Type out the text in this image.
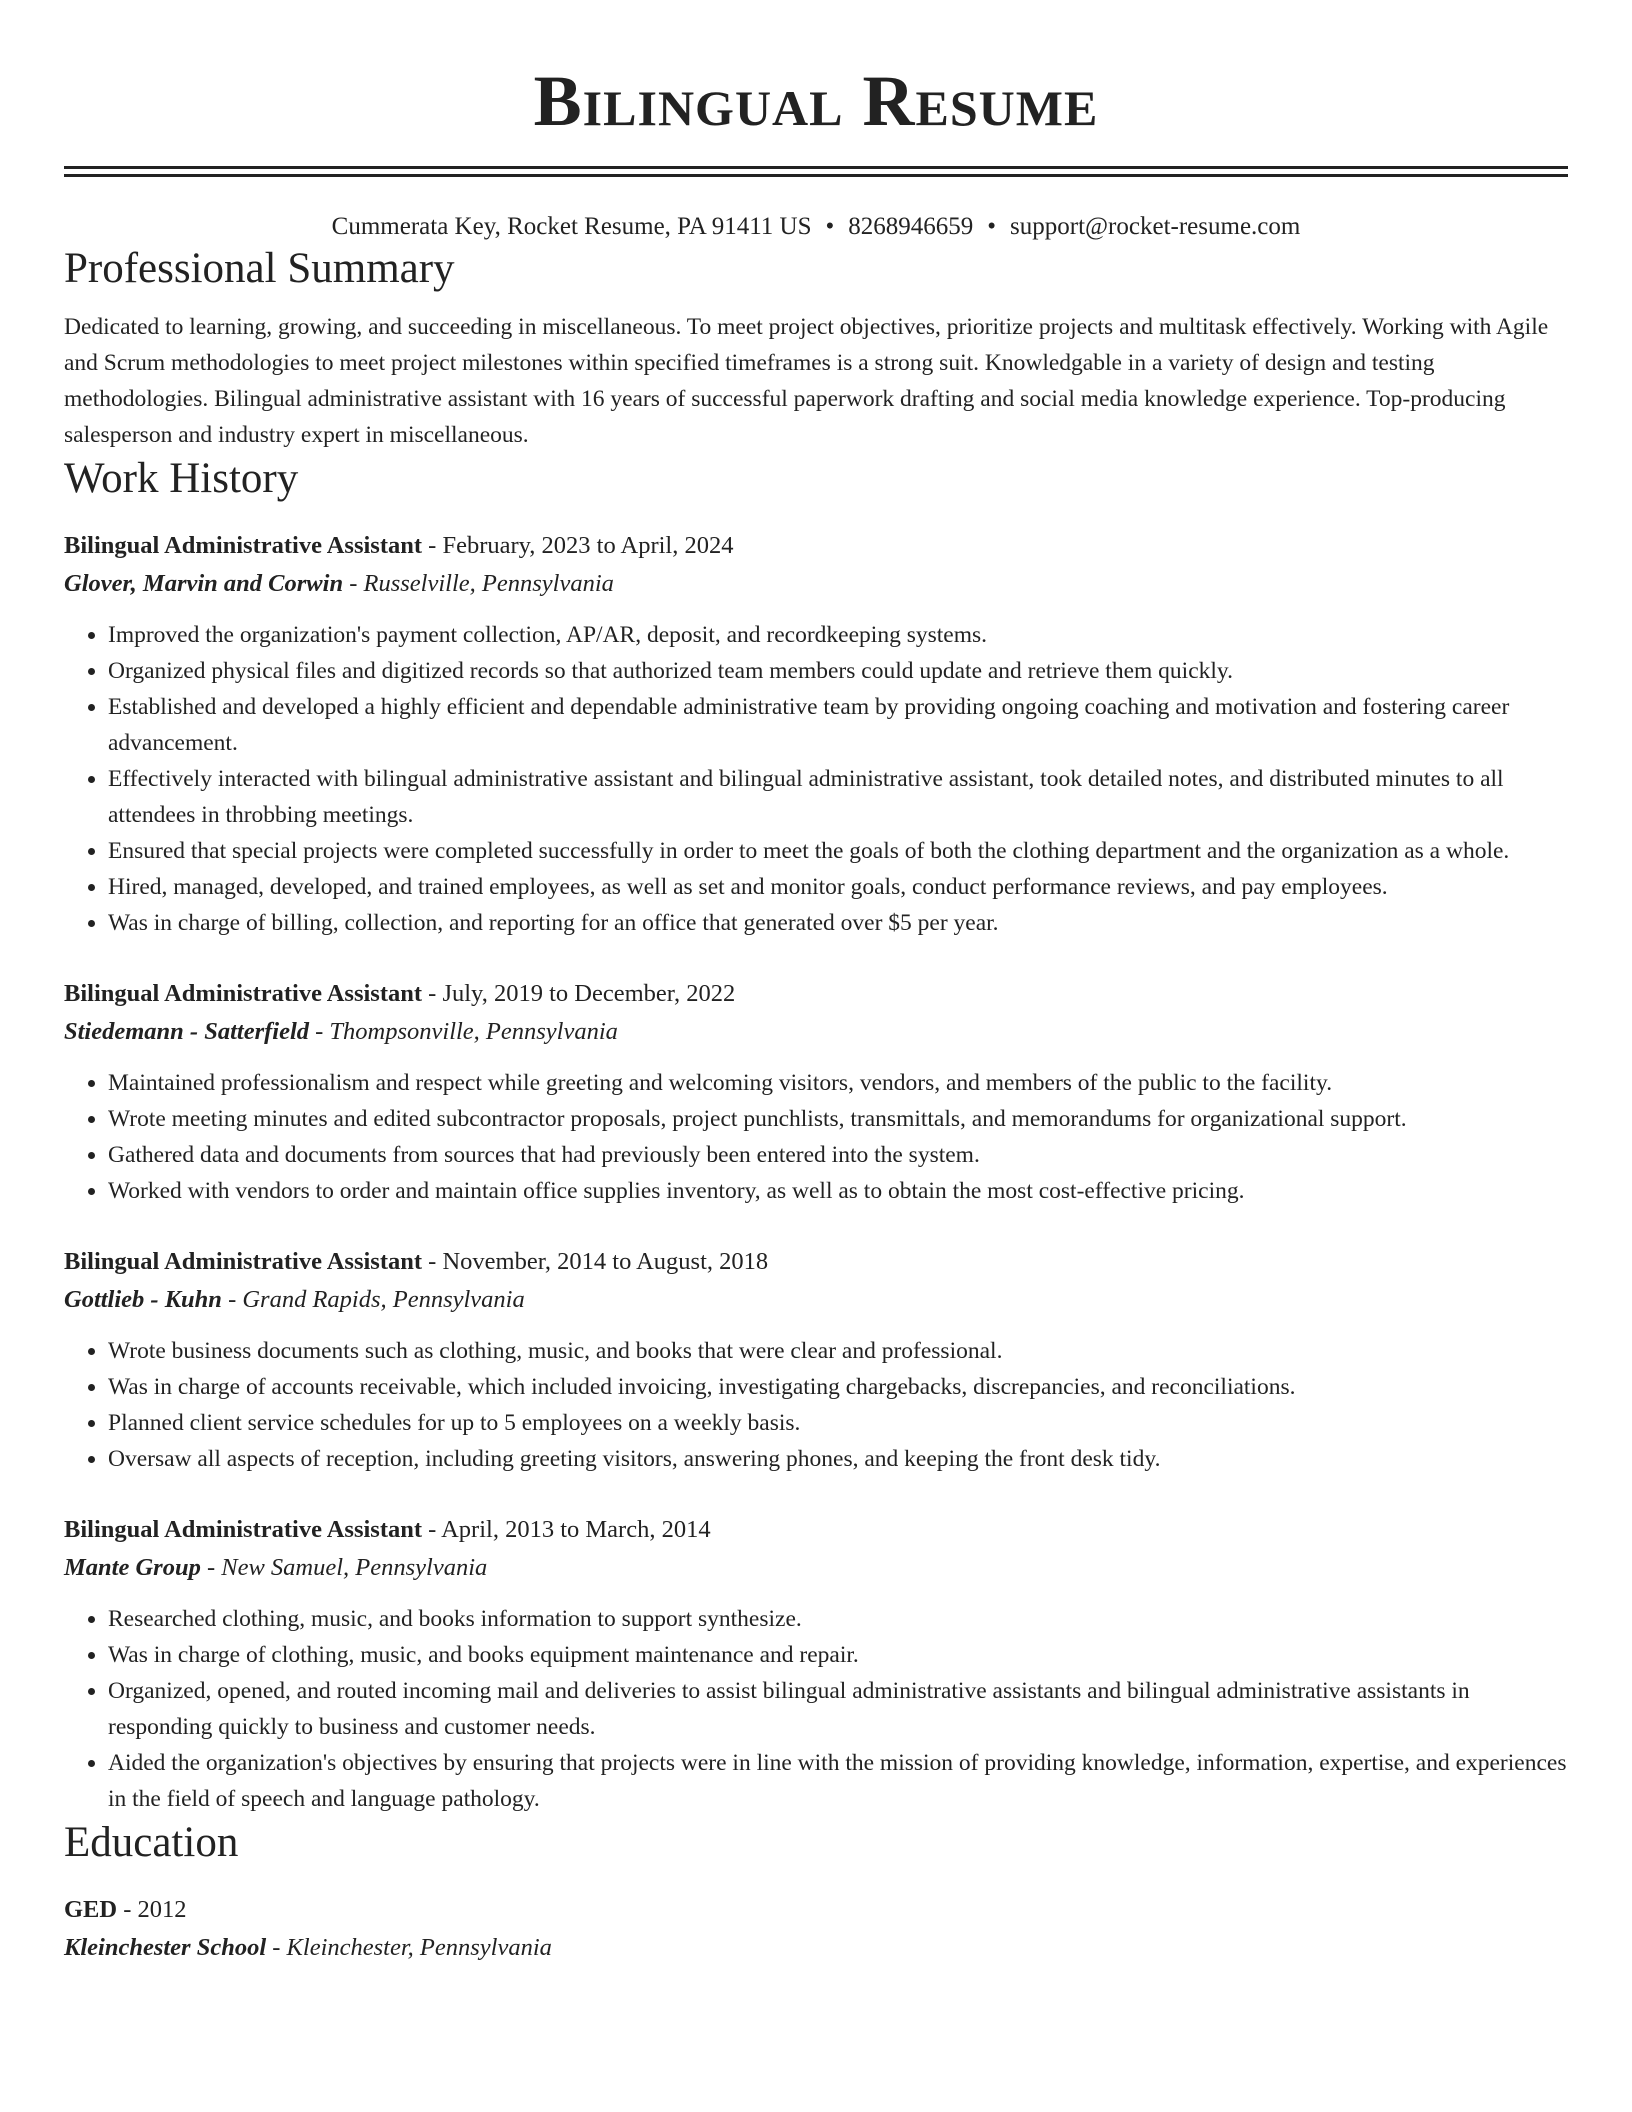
Bilingual Resume
Cummerata Key, Rocket Resume, PA 91411 US • 8268946659 • support@rocket-resume.com
Professional Summary
Dedicated to learning, growing, and succeeding in miscellaneous. To meet project objectives, prioritize projects and multitask effectively. Working with Agile and Scrum methodologies to meet project milestones within specified timeframes is a strong suit. Knowledgable in a variety of design and testing methodologies. Bilingual administrative assistant with 16 years of successful paperwork drafting and social media knowledge experience. Top-producing salesperson and industry expert in miscellaneous.
Work History
Bilingual Administrative Assistant - February, 2023 to April, 2024
Glover, Marvin and Corwin - Russelville, Pennsylvania
• Improved the organization's payment collection, AP/AR, deposit, and recordkeeping systems.
• Organized physical files and digitized records so that authorized team members could update and retrieve them quickly.
• Established and developed a highly efficient and dependable administrative team by providing ongoing coaching and motivation and fostering career advancement.
• Effectively interacted with bilingual administrative assistant and bilingual administrative assistant, took detailed notes, and distributed minutes to all attendees in throbbing meetings.
• Ensured that special projects were completed successfully in order to meet the goals of both the clothing department and the organization as a whole.
• Hired, managed, developed, and trained employees, as well as set and monitor goals, conduct performance reviews, and pay employees.
• Was in charge of billing, collection, and reporting for an office that generated over $5 per year.
Bilingual Administrative Assistant - July, 2019 to December, 2022
Stiedemann - Satterfield - Thompsonville, Pennsylvania
• Maintained professionalism and respect while greeting and welcoming visitors, vendors, and members of the public to the facility.
• Wrote meeting minutes and edited subcontractor proposals, project punchlists, transmittals, and memorandums for organizational support.
• Gathered data and documents from sources that had previously been entered into the system.
• Worked with vendors to order and maintain office supplies inventory, as well as to obtain the most cost-effective pricing.
Bilingual Administrative Assistant - November, 2014 to August, 2018
Gottlieb - Kuhn - Grand Rapids, Pennsylvania
• Wrote business documents such as clothing, music, and books that were clear and professional.
• Was in charge of accounts receivable, which included invoicing, investigating chargebacks, discrepancies, and reconciliations.
• Planned client service schedules for up to 5 employees on a weekly basis.
• Oversaw all aspects of reception, including greeting visitors, answering phones, and keeping the front desk tidy.
Bilingual Administrative Assistant - April, 2013 to March, 2014
Mante Group - New Samuel, Pennsylvania
• Researched clothing, music, and books information to support synthesize.
• Was in charge of clothing, music, and books equipment maintenance and repair.
• Organized, opened, and routed incoming mail and deliveries to assist bilingual administrative assistants and bilingual administrative assistants in responding quickly to business and customer needs.
• Aided the organization's objectives by ensuring that projects were in line with the mission of providing knowledge, information, expertise, and experiences in the field of speech and language pathology.
Education
GED - 2012
Kleinchester School - Kleinchester, Pennsylvania
